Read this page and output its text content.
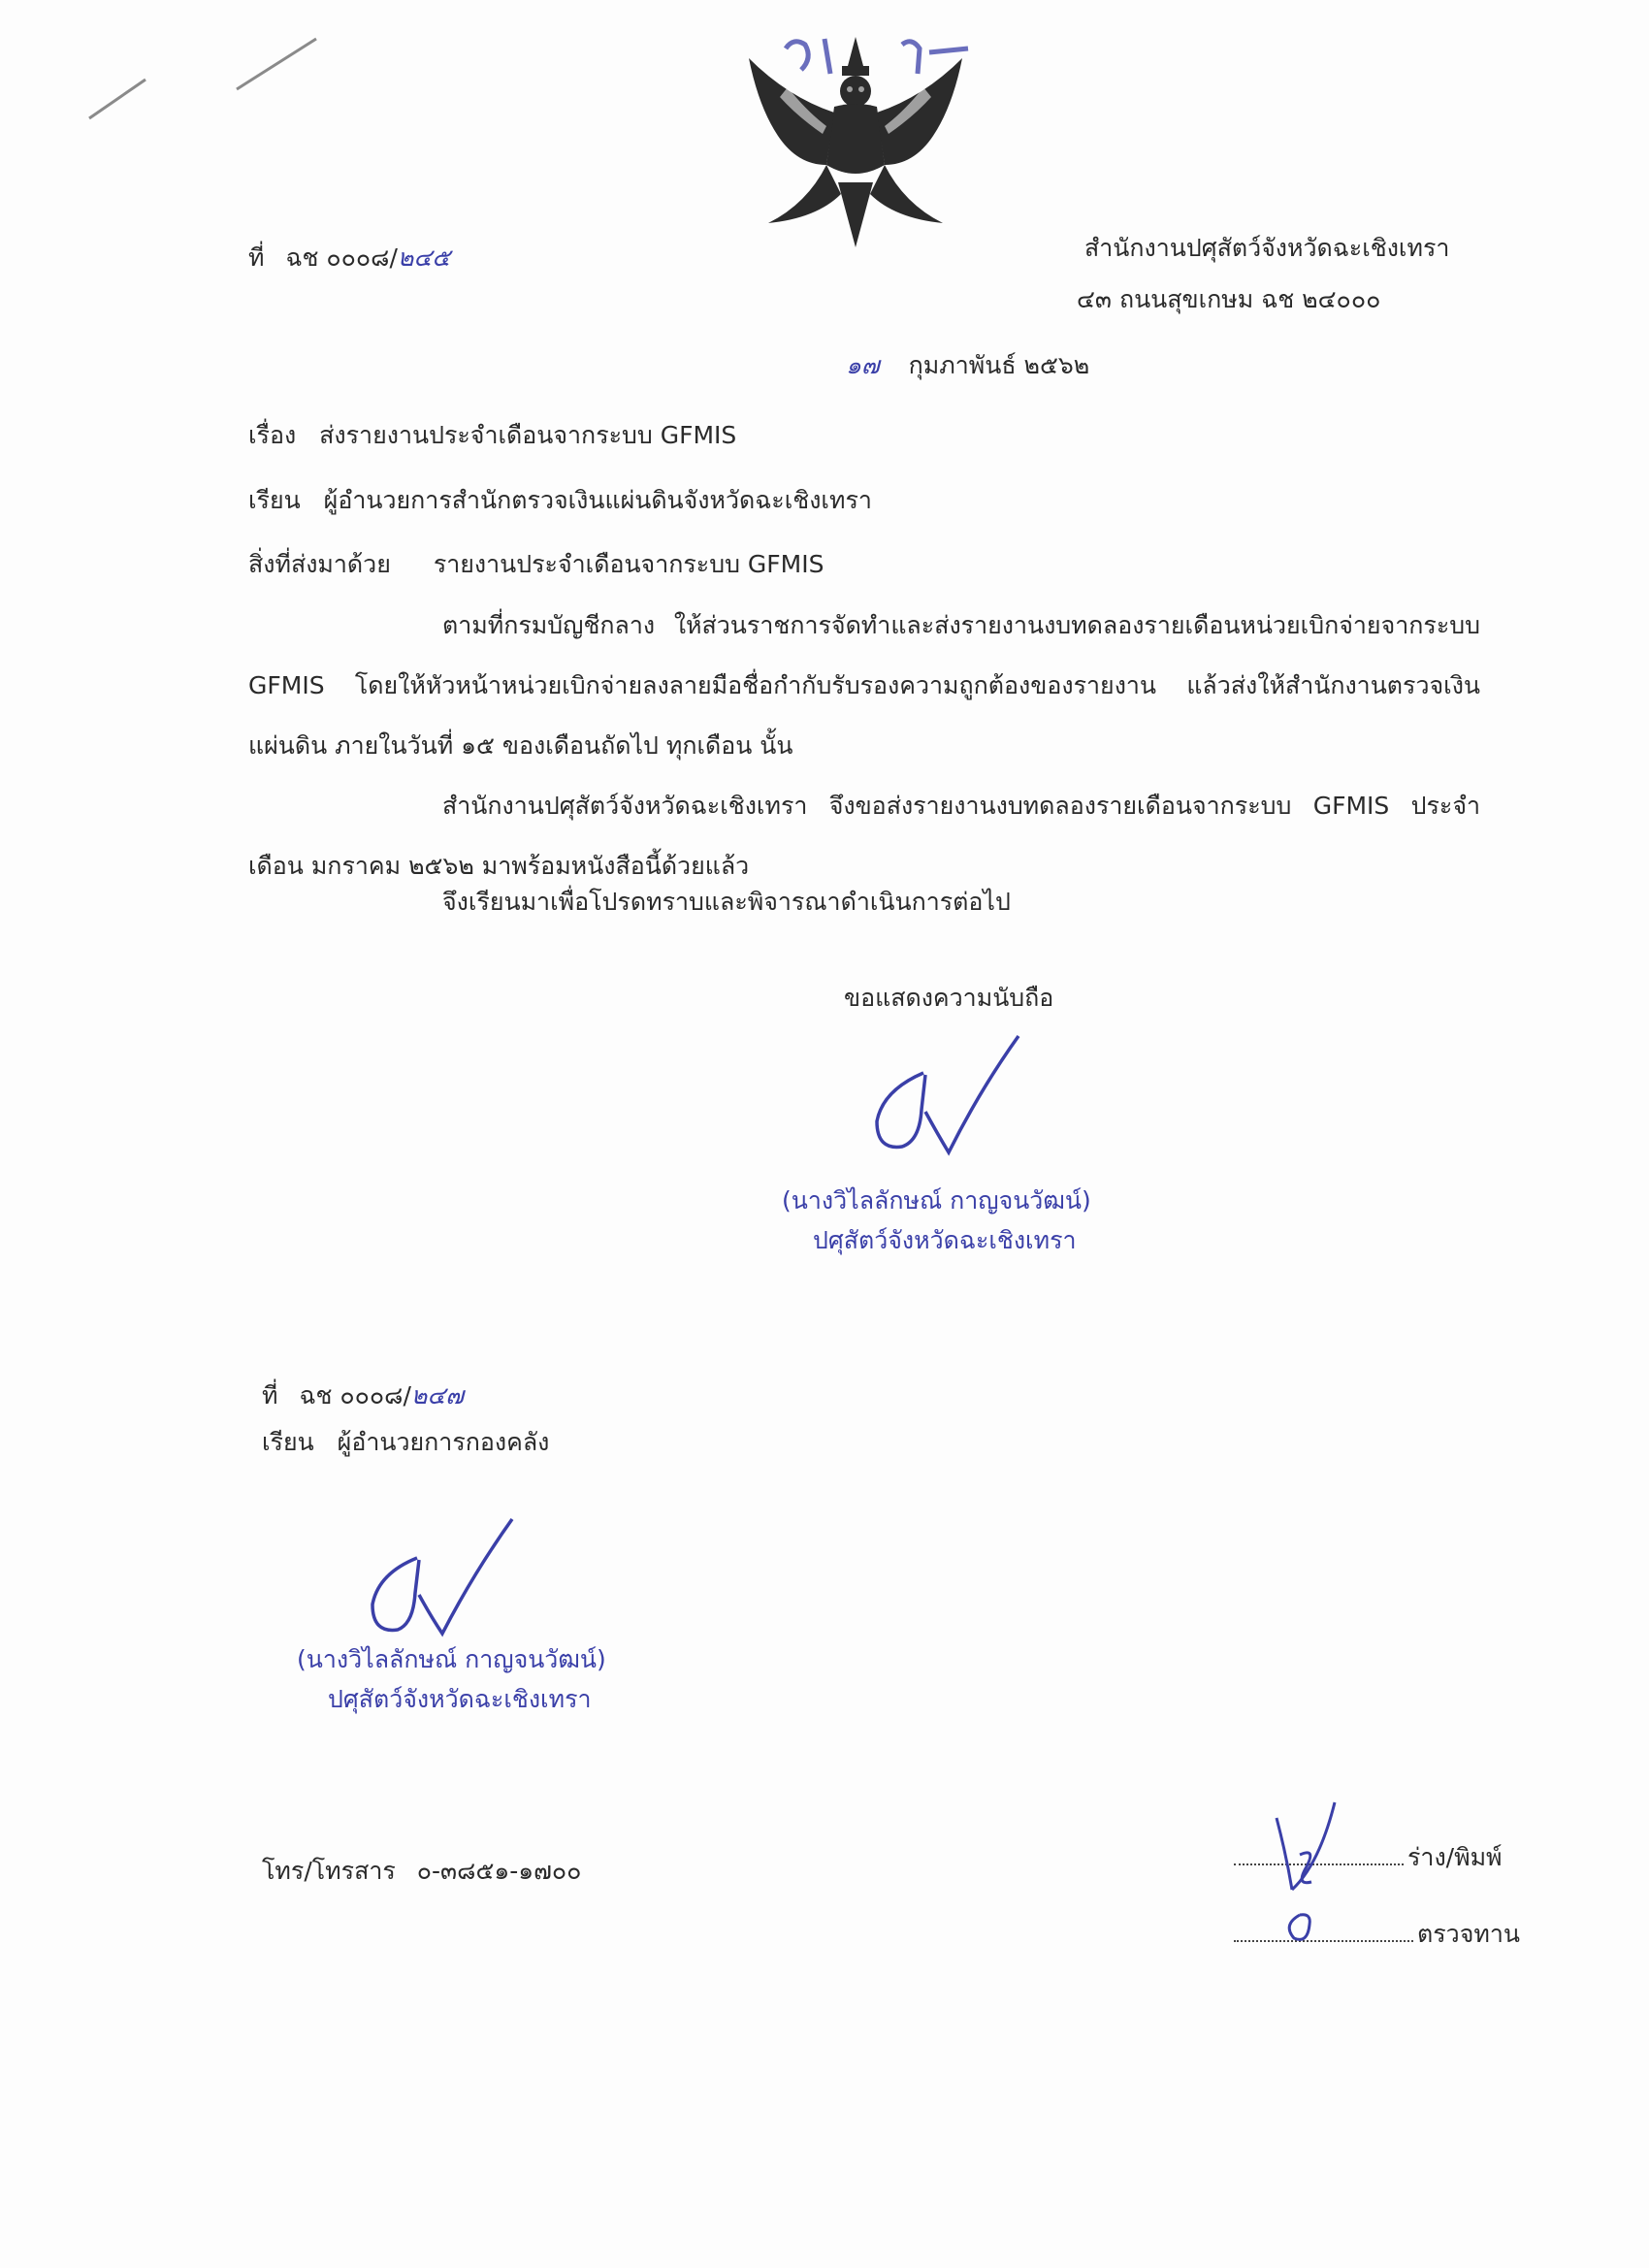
ที่ ฉช ๐๐๐๘/๒๔๕	สำนักงานปศุสัตว์จังหวัดฉะเชิงเทรา
๔๓ ถนนสุขเกษม ฉช ๒๔๐๐๐
๑๗ กุมภาพันธ์ ๒๕๖๒
เรื่อง ส่งรายงานประจำเดือนจากระบบ GFMIS
เรียน ผู้อำนวยการสำนักตรวจเงินแผ่นดินจังหวัดฉะเชิงเทรา
สิ่งที่ส่งมาด้วย รายงานประจำเดือนจากระบบ GFMIS
ตามที่กรมบัญชีกลาง ให้ส่วนราชการจัดทำและส่งรายงานงบทดลองรายเดือนหน่วยเบิกจ่ายจากระบบ GFMIS โดยให้หัวหน้าหน่วยเบิกจ่ายลงลายมือชื่อกำกับรับรองความถูกต้องของรายงาน แล้วส่งให้สำนักงานตรวจเงินแผ่นดิน ภายในวันที่ ๑๕ ของเดือนถัดไป ทุกเดือน นั้น
สำนักงานปศุสัตว์จังหวัดฉะเชิงเทรา จึงขอส่งรายงานงบทดลองรายเดือนจากระบบ GFMIS ประจำเดือน มกราคม ๒๕๖๒ มาพร้อมหนังสือนี้ด้วยแล้ว
จึงเรียนมาเพื่อโปรดทราบและพิจารณาดำเนินการต่อไป
ขอแสดงความนับถือ
(นางวิไลลักษณ์ กาญจนวัฒน์)
ปศุสัตว์จังหวัดฉะเชิงเทรา
ที่ ฉช ๐๐๐๘/๒๔๗
เรียน ผู้อำนวยการกองคลัง
(นางวิไลลักษณ์ กาญจนวัฒน์)
ปศุสัตว์จังหวัดฉะเชิงเทรา
โทร/โทรสาร ๐-๓๘๕๑-๑๗๐๐	ร่าง/พิมพ์
ตรวจทาน
